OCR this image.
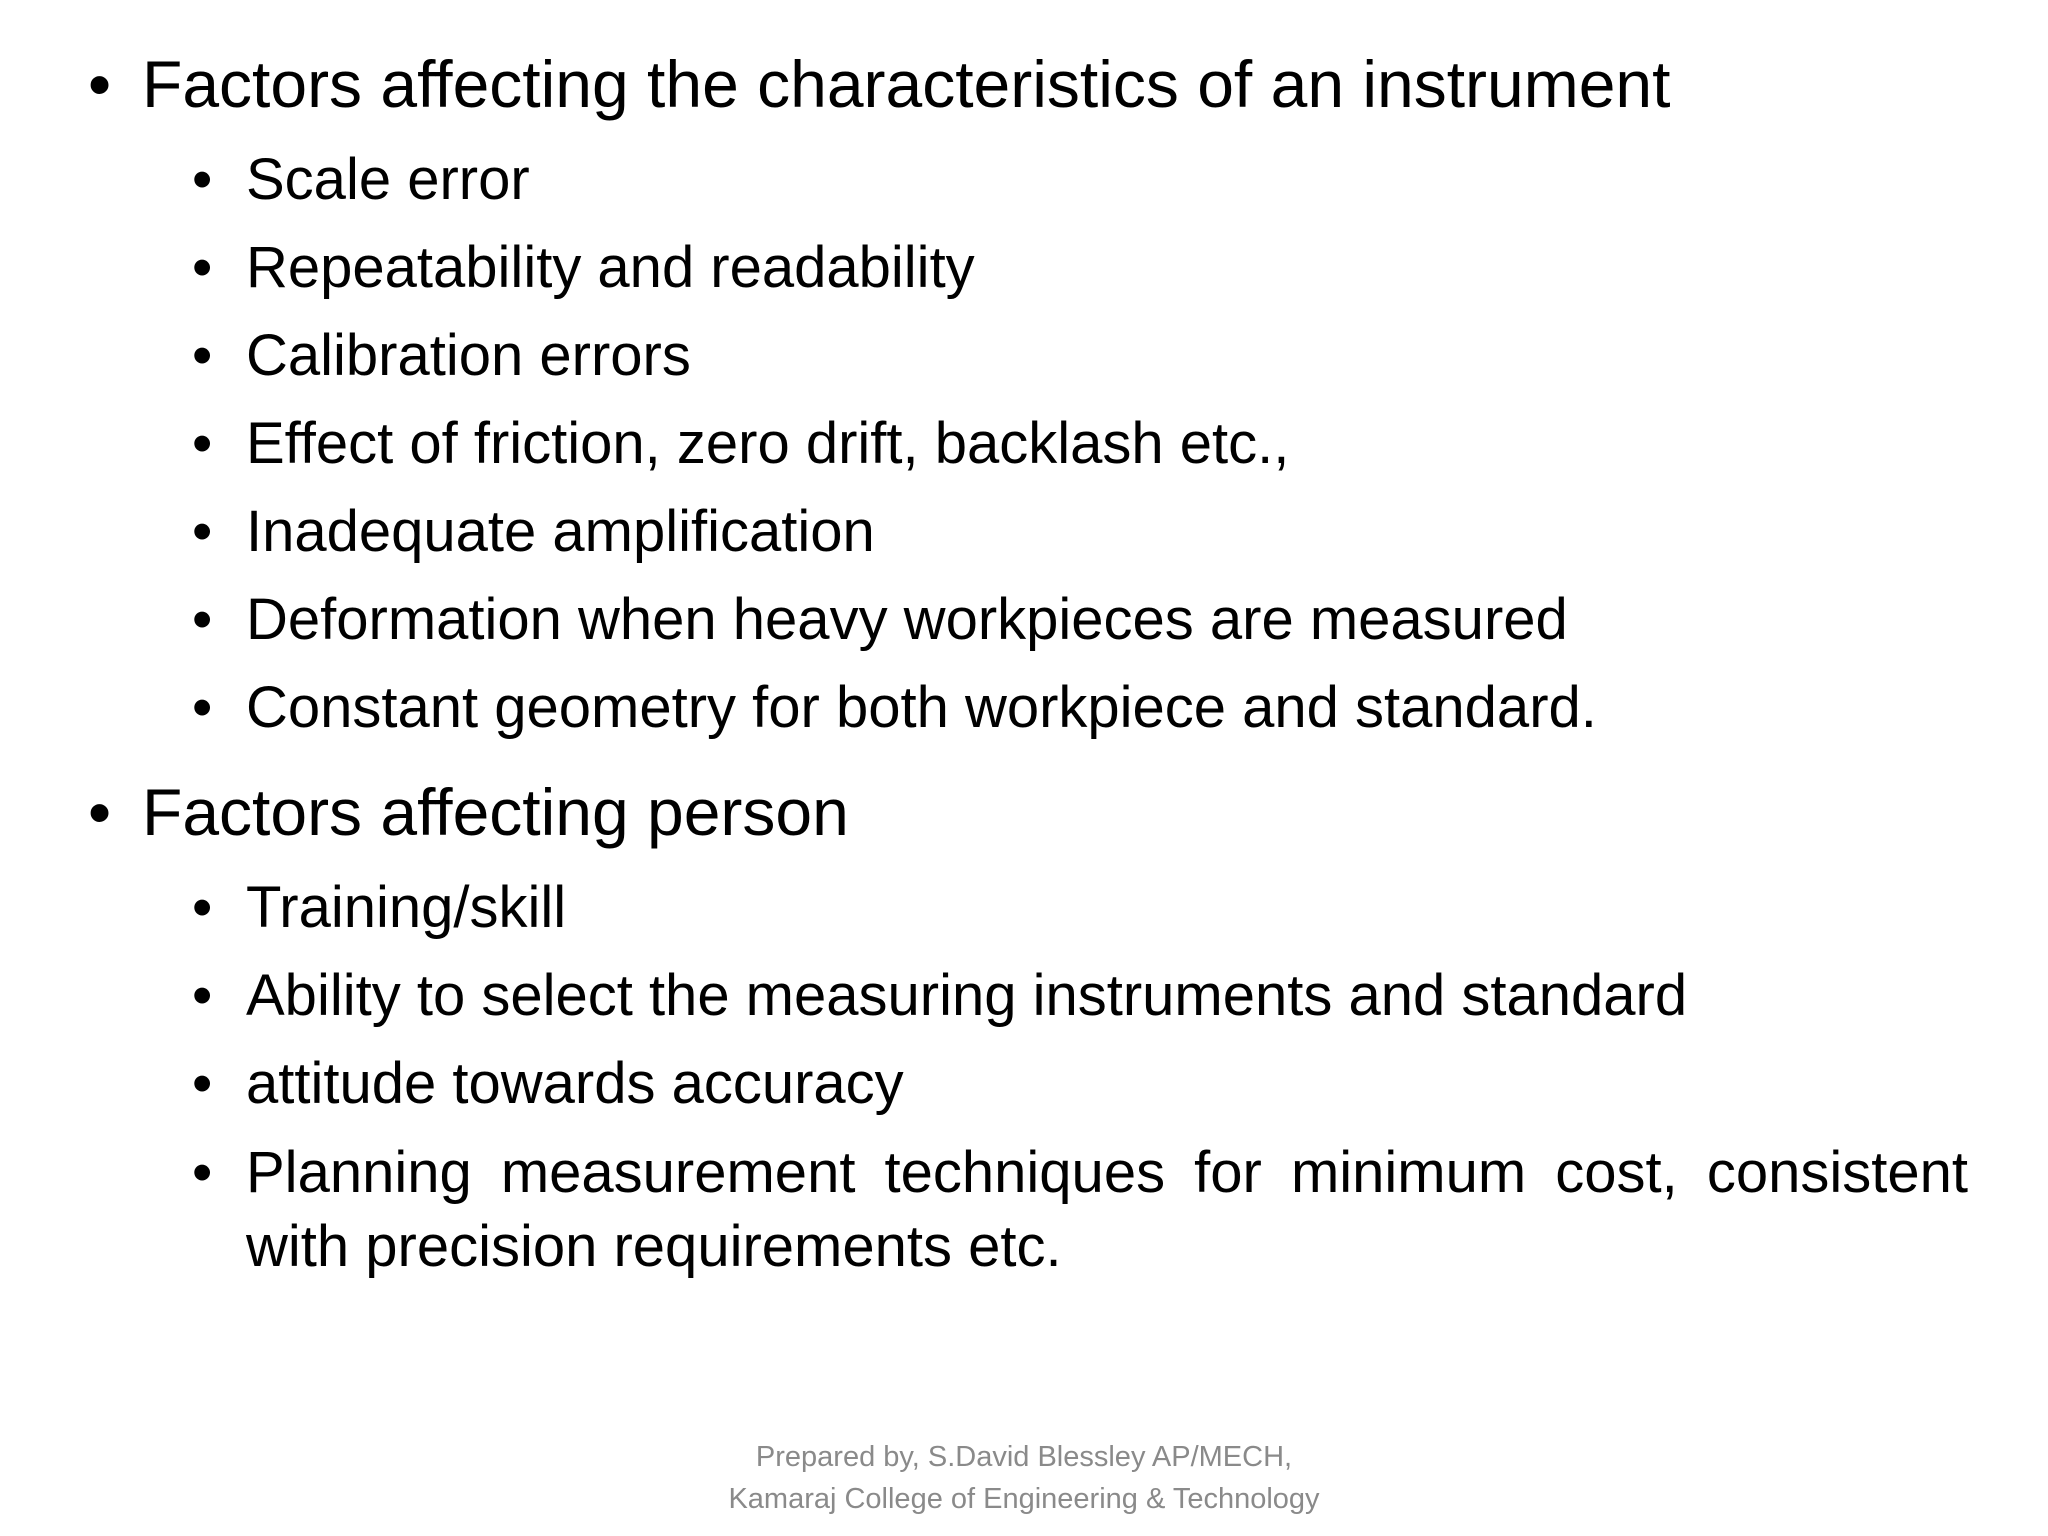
• Factors affecting the characteristics of an instrument
• Scale error
• Repeatability and readability
• Calibration errors
• Effect of friction, zero drift, backlash etc.,
• Inadequate amplification
• Deformation when heavy workpieces are measured
• Constant geometry for both workpiece and standard.
• Factors affecting person
• Training/skill
• Ability to select the measuring instruments and standard
• attitude towards accuracy
• Planning measurement techniques for minimum cost, consistent with precision requirements etc.
Prepared by, S.David Blessley AP/MECH,
Kamaraj College of Engineering & Technology
